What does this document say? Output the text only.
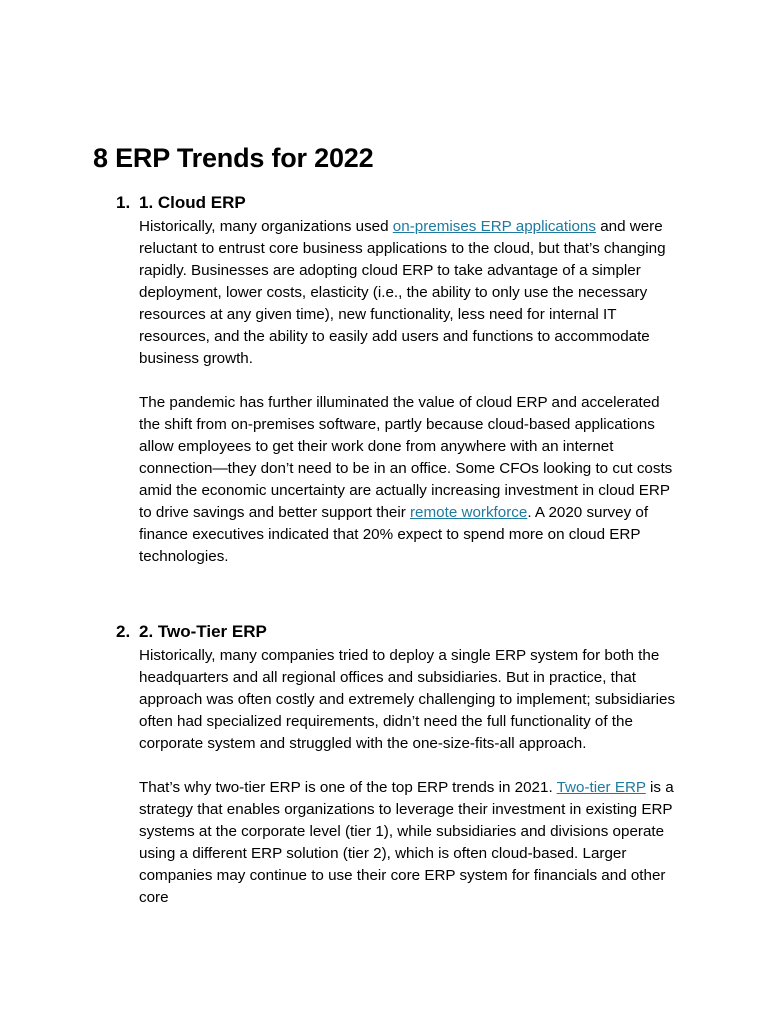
8 ERP Trends for 2022
1. 1. Cloud ERP

Historically, many organizations used on-premises ERP applications and were reluctant to entrust core business applications to the cloud, but that’s changing rapidly. Businesses are adopting cloud ERP to take advantage of a simpler deployment, lower costs, elasticity (i.e., the ability to only use the necessary resources at any given time), new functionality, less need for internal IT resources, and the ability to easily add users and functions to accommodate business growth.

The pandemic has further illuminated the value of cloud ERP and accelerated the shift from on-premises software, partly because cloud-based applications allow employees to get their work done from anywhere with an internet connection—they don’t need to be in an office. Some CFOs looking to cut costs amid the economic uncertainty are actually increasing investment in cloud ERP to drive savings and better support their remote workforce. A 2020 survey of finance executives indicated that 20% expect to spend more on cloud ERP technologies.

2. 2. Two-Tier ERP

Historically, many companies tried to deploy a single ERP system for both the headquarters and all regional offices and subsidiaries. But in practice, that approach was often costly and extremely challenging to implement; subsidiaries often had specialized requirements, didn’t need the full functionality of the corporate system and struggled with the one-size-fits-all approach.

That’s why two-tier ERP is one of the top ERP trends in 2021. Two-tier ERP is a strategy that enables organizations to leverage their investment in existing ERP systems at the corporate level (tier 1), while subsidiaries and divisions operate using a different ERP solution (tier 2), which is often cloud-based. Larger companies may continue to use their core ERP system for financials and other core
